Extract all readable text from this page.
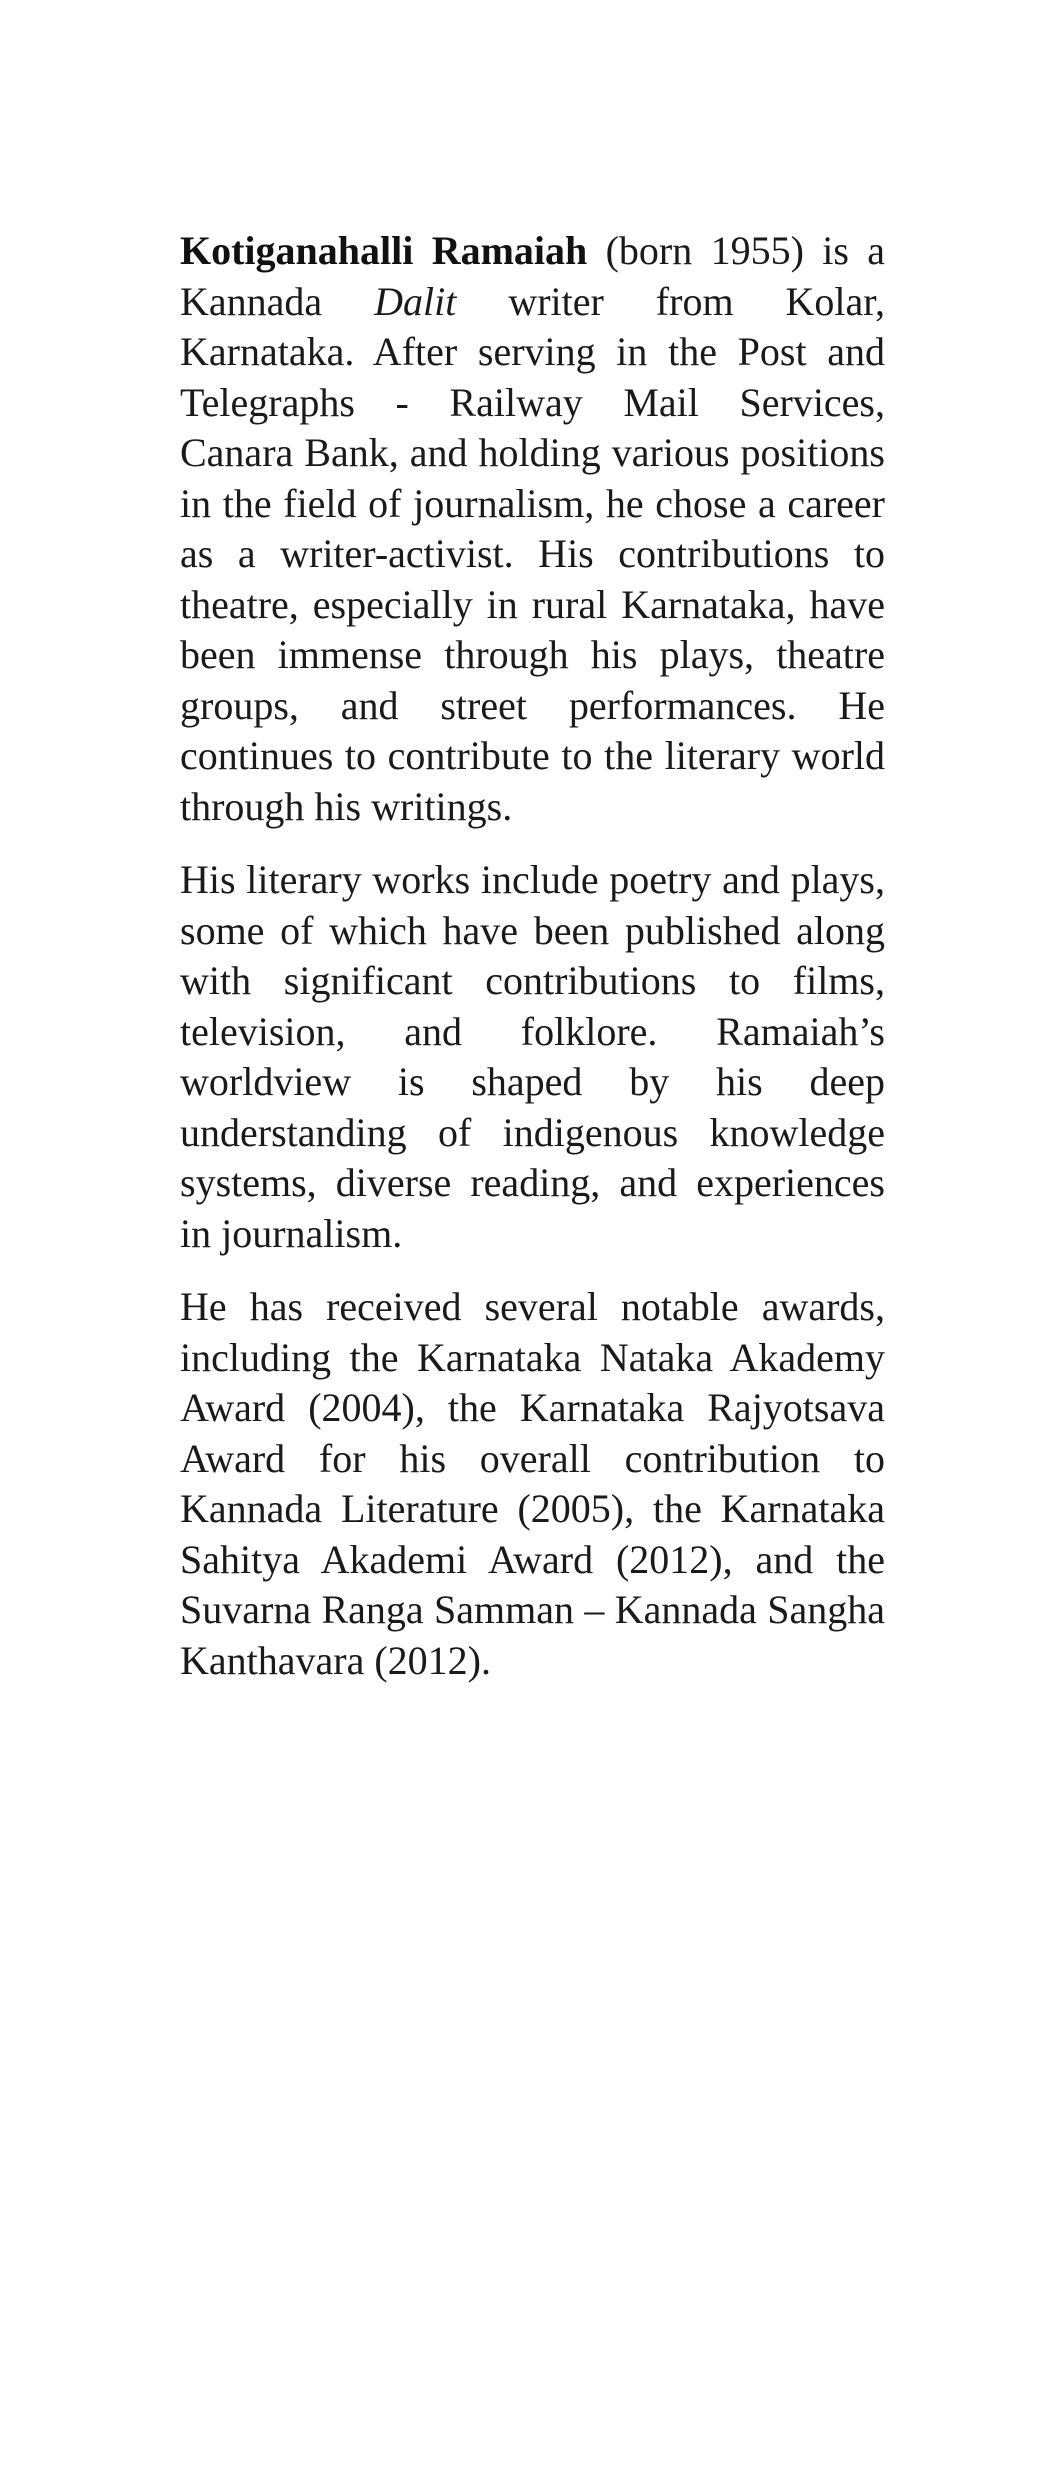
Kotiganahalli Ramaiah (born 1955) is a Kannada Dalit writer from Kolar, Karnataka. After serving in the Post and Telegraphs - Railway Mail Services, Canara Bank, and holding various positions in the field of journalism, he chose a career as a writer-activist. His contributions to theatre, especially in rural Karnataka, have been immense through his plays, theatre groups, and street performances. He continues to contribute to the literary world through his writings.

His literary works include poetry and plays, some of which have been published along with significant contributions to films, television, and folklore. Ramaiah’s worldview is shaped by his deep understanding of indigenous knowledge systems, diverse reading, and experiences in journalism.

He has received several notable awards, including the Karnataka Nataka Akademy Award (2004), the Karnataka Rajyotsava Award for his overall contribution to Kannada Literature (2005), the Karnataka Sahitya Akademi Award (2012), and the Suvarna Ranga Samman – Kannada Sangha Kanthavara (2012).
